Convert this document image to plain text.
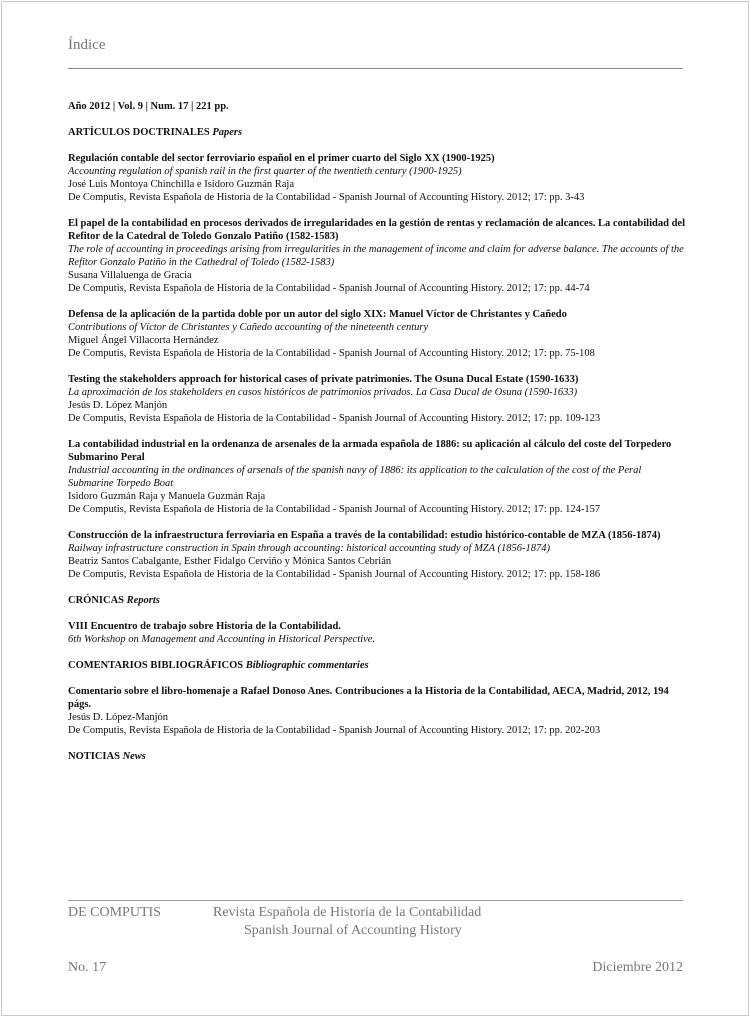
Índice

Año 2012 | Vol. 9 | Num. 17 | 221 pp.

ARTÍCULOS DOCTRINALES Papers
Regulación contable del sector ferroviario español en el primer cuarto del Siglo XX (1900-1925)
Accounting regulation of spanish rail in the first quarter of the twentieth century (1900-1925)
José Luis Montoya Chinchilla e Isidoro Guzmán Raja
De Computis, Revista Española de Historia de la Contabilidad - Spanish Journal of Accounting History. 2012; 17: pp. 3-43
El papel de la contabilidad en procesos derivados de irregularidades en la gestión de rentas y reclamación de alcances. La contabilidad del Refitor de la Catedral de Toledo Gonzalo Patiño (1582-1583)
The role of accounting in proceedings arising from irregularities in the management of income and claim for adverse balance. The accounts of the Refitor Gonzalo Patiño in the Cathedral of Toledo (1582-1583)
Susana Villaluenga de Gracia
De Computis, Revista Española de Historia de la Contabilidad - Spanish Journal of Accounting History. 2012; 17: pp. 44-74
Defensa de la aplicación de la partida doble por un autor del siglo XIX: Manuel Víctor de Christantes y Cañedo
Contributions of Víctor de Christantes y Cañedo accounting of the nineteenth century
Miguel Ángel Villacorta Hernández
De Computis, Revista Española de Historia de la Contabilidad - Spanish Journal of Accounting History. 2012; 17: pp. 75-108
Testing the stakeholders approach for historical cases of private patrimonies. The Osuna Ducal Estate (1590-1633)
La aproximación de los stakeholders en casos históricos de patrimonios privados. La Casa Ducal de Osuna (1590-1633)
Jesús D. López Manjón
De Computis, Revista Española de Historia de la Contabilidad - Spanish Journal of Accounting History. 2012; 17: pp. 109-123
La contabilidad industrial en la ordenanza de arsenales de la armada española de 1886: su aplicación al cálculo del coste del Torpedero Submarino Peral
Industrial accounting in the ordinances of arsenals of the spanish navy of 1886: its application to the calculation of the cost of the Peral Submarine Torpedo Boat
Isidoro Guzmán Raja y Manuela Guzmán Raja
De Computis, Revista Española de Historia de la Contabilidad - Spanish Journal of Accounting History. 2012; 17: pp. 124-157
Construcción de la infraestructura ferroviaria en España a través de la contabilidad: estudio histórico-contable de MZA (1856-1874)
Railway infrastructure construction in Spain through accounting: historical accounting study of MZA (1856-1874)
Beatriz Santos Cabalgante, Esther Fidalgo Cerviño y Mónica Santos Cebrián
De Computis, Revista Española de Historia de la Contabilidad - Spanish Journal of Accounting History. 2012; 17: pp. 158-186
CRÓNICAS Reports
VIII Encuentro de trabajo sobre Historia de la Contabilidad.
6th Workshop on Management and Accounting in Historical Perspective.
COMENTARIOS BIBLIOGRÁFICOS Bibliographic commentaries
Comentario sobre el libro-homenaje a Rafael Donoso Anes. Contribuciones a la Historia de la Contabilidad, AECA, Madrid, 2012, 194 págs.
Jesús D. López-Manjón
De Computis, Revista Española de Historia de la Contabilidad - Spanish Journal of Accounting History. 2012; 17: pp. 202-203
NOTICIAS News
DE COMPUTIS	Revista Española de Historia de la Contabilidad
Spanish Journal of Accounting History
No. 17	Diciembre 2012
